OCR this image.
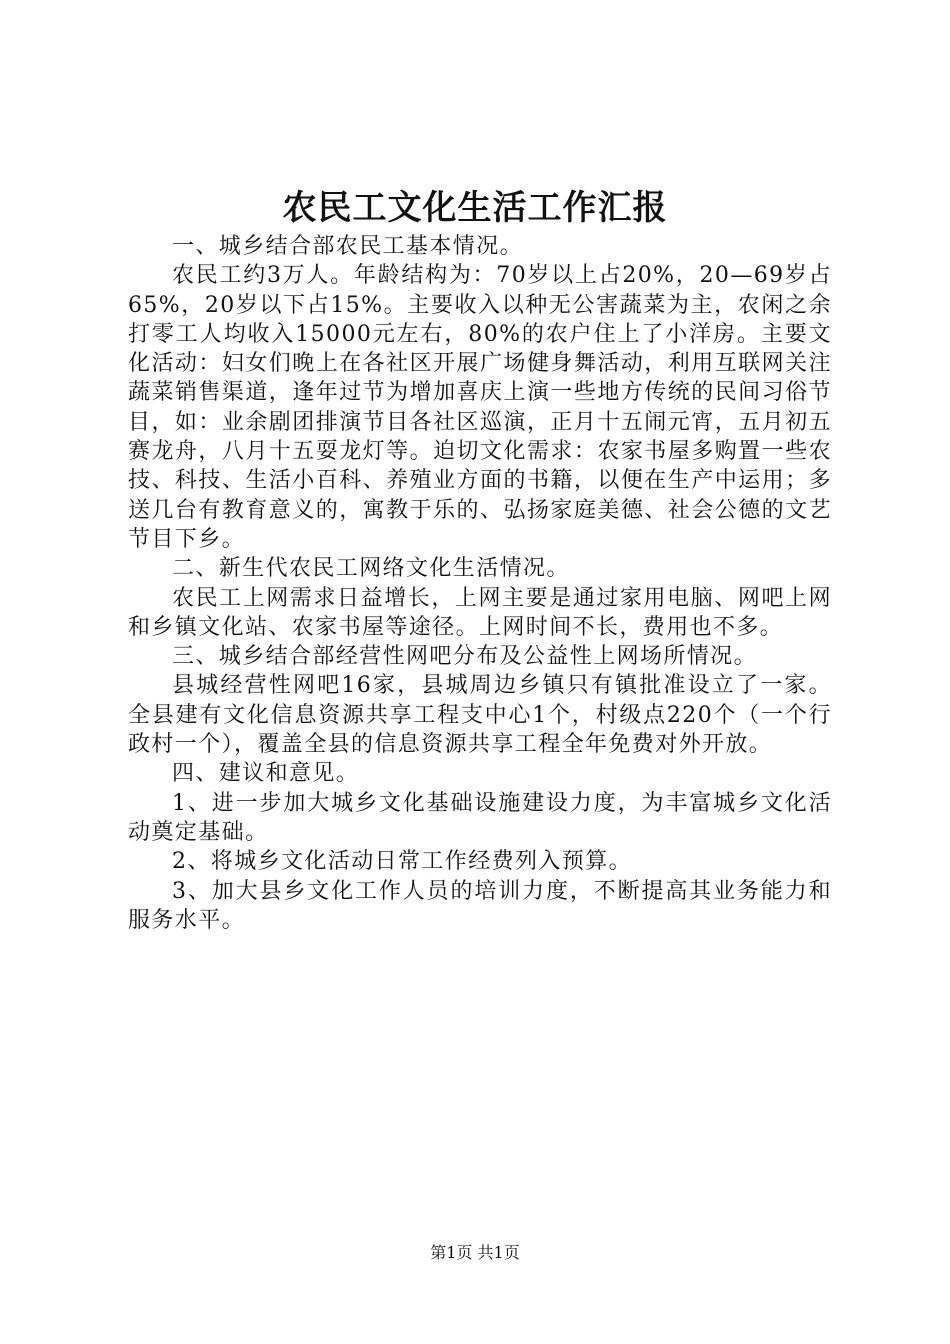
农民工文化生活工作汇报

一、城乡结合部农民工基本情况。

农民工约3万人。年龄结构为：70岁以上占20%，20—69岁占65%，20岁以下占15%。主要收入以种无公害蔬菜为主，农闲之余打零工人均收入15000元左右，80%的农户住上了小洋房。主要文化活动：妇女们晚上在各社区开展广场健身舞活动，利用互联网关注蔬菜销售渠道，逢年过节为增加喜庆上演一些地方传统的民间习俗节目，如：业余剧团排演节目各社区巡演，正月十五闹元宵，五月初五赛龙舟，八月十五耍龙灯等。迫切文化需求：农家书屋多购置一些农技、科技、生活小百科、养殖业方面的书籍，以便在生产中运用；多送几台有教育意义的，寓教于乐的、弘扬家庭美德、社会公德的文艺节目下乡。

二、新生代农民工网络文化生活情况。

农民工上网需求日益增长，上网主要是通过家用电脑、网吧上网和乡镇文化站、农家书屋等途径。上网时间不长，费用也不多。

三、城乡结合部经营性网吧分布及公益性上网场所情况。

县城经营性网吧16家，县城周边乡镇只有镇批准设立了一家。全县建有文化信息资源共享工程支中心1个，村级点220个（一个行政村一个），覆盖全县的信息资源共享工程全年免费对外开放。

四、建议和意见。

1、进一步加大城乡文化基础设施建设力度，为丰富城乡文化活动奠定基础。

2、将城乡文化活动日常工作经费列入预算。

3、加大县乡文化工作人员的培训力度，不断提高其业务能力和服务水平。

第1页 共1页
